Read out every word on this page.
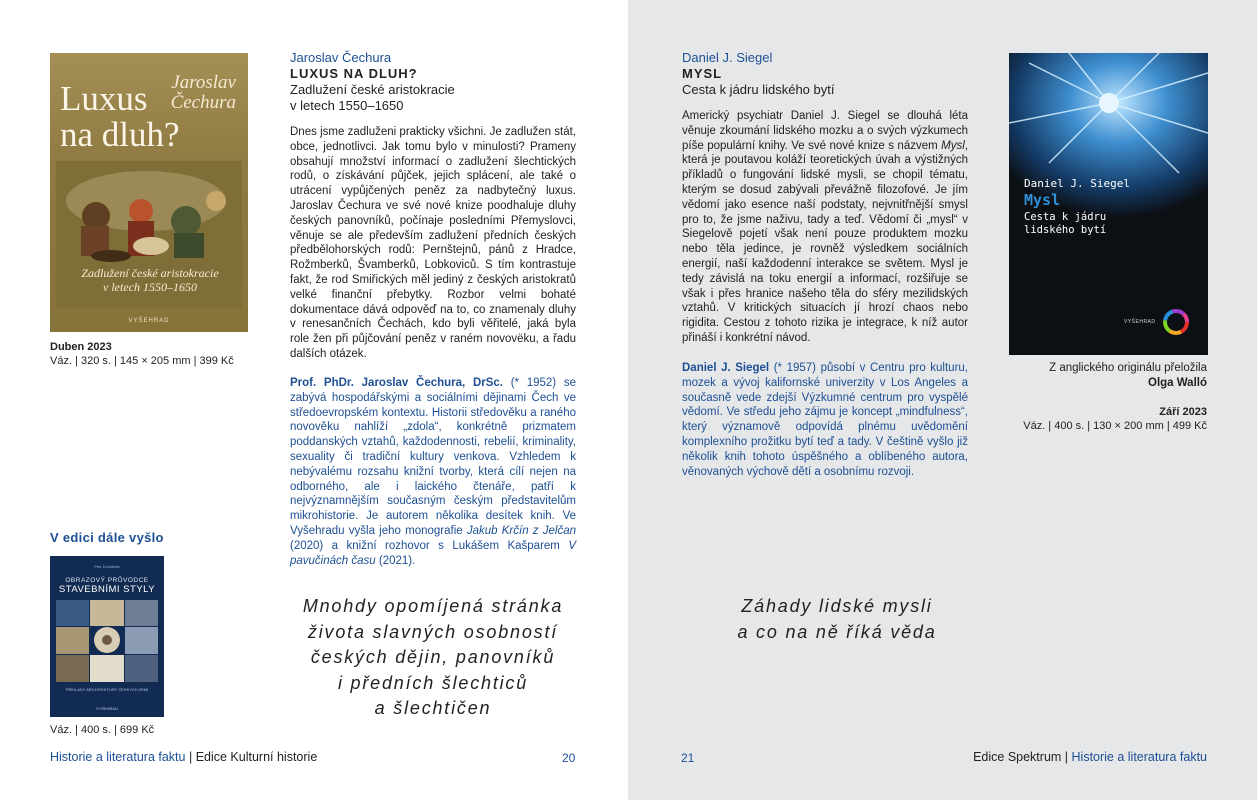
Luxus
na dluh?
Jaroslav
Čechura
Zadlužení české aristokracie
v letech 1550–1650
VYŠEHRAD
Duben 2023
Váz. | 320 s. | 145 × 205 mm | 399 Kč
Jaroslav Čechura
LUXUS NA DLUH?
Zadlužení české aristokracie
v letech 1550–1650

Dnes jsme zadluženi prakticky všichni. Je zadlužen stát, obce, jednotlivci. Jak tomu bylo v minulosti? Prameny obsahují množství informací o zadlužení šlechtických rodů, o získávání půjček, jejich splácení, ale také o utrácení vypůjčených peněz za nadbytečný luxus. Jaroslav Čechura ve své nové knize poodhaluje dluhy českých panovníků, počínaje posledními Přemyslovci, věnuje se ale především zadlužení předních českých předbělohorských rodů: Pernštejnů, pánů z Hradce, Rožmberků, Švamberků, Lobkoviců. S tím kontrastuje fakt, že rod Smiřických měl jediný z českých aristokratů velké finanční přebytky. Rozbor velmi bohaté dokumentace dává odpověď na to, co znamenaly dluhy v renesančních Čechách, kdo byli věřitelé, jaká byla role žen při půjčování peněz v raném novovëku, a řadu dalších otázek.

Prof. PhDr. Jaroslav Čechura, DrSc. (* 1952) se zabývá hospodářskými a sociálními dějinami Čech ve středoevropském kontextu. Historii středověku a raného novověku nahlíží „zdola“, konkrétně prizmatem poddanských vztahů, každodennosti, rebelií, kriminality, sexuality či tradiční kultury venkova. Vzhledem k nebývalému rozsahu knižní tvorby, která cílí nejen na odborného, ale i laického čtenáře, patří k nejvýznamnějším současným českým představitelům mikrohistorie. Je autorem několika desítek knih. Ve Vyšehradu vyšla jeho monografie Jakub Krčín z Jelčan (2020) a knižní rozhovor s Lukášem Kašparem V pavučinách času (2021).

V edici dále vyšlo
Petr Dvořáček
OBRAZOVÝ PRŮVODCE
STAVEBNÍMI STYLY
PŘÍKLADY ARCHITEKTURY ČESKÝCH ZEMÍ
VYŠEHRAD
Váz. | 400 s. | 699 Kč
Mnohdy opomíjená stránka
života slavných osobností
českých dějin, panovníků
i předních šlechticů
a šlechtičen
Historie a literatura faktu | Edice Kulturní historie	20
Daniel J. Siegel
MYSL
Cesta k jádru lidského bytí

Americký psychiatr Daniel J. Siegel se dlouhá léta věnuje zkoumání lidského mozku a o svých výzkumech píše populární knihy. Ve své nové knize s názvem Mysl, která je poutavou koláží teoretických úvah a výstižných příkladů o fungování lidské mysli, se chopil tématu, kterým se dosud zabývali převážně filozofové. Je jím vědomí jako esence naší podstaty, nejvnitřnější smysl pro to, že jsme naživu, tady a teď. Vědomí či „mysl“ v Siegelově pojetí však není pouze produktem mozku nebo těla jedince, je rovněž výsledkem sociálních energií, naší každodenní interakce se světem. Mysl je tedy závislá na toku energií a informací, rozšiřuje se však i přes hranice našeho těla do sféry mezilidských vztahů. V kritických situacích jí hrozí chaos nebo rigidita. Cestou z tohoto rizika je integrace, k níž autor přináší i konkrétní návod.

Daniel J. Siegel (* 1957) působí v Centru pro kulturu, mozek a vývoj kalifornské univerzity v Los Angeles a současně vede zdejší Výzkumné centrum pro vyspělé vědomí. Ve středu jeho zájmu je koncept „mindfulness“, který významově odpovídá plnému uvědomění komplexního prožitku bytí teď a tady. V češtině vyšlo již několik knih tohoto úspěšného a oblíbeného autora, věnovaných výchově dětí a osobnímu rozvoji.

Záhady lidské mysli
a co na ně říká věda
Daniel J. Siegel
Mysl
Cesta k jádru
lidského bytí
VYŠEHRAD
Z anglického originálu přeložila
Olga Walló
Září 2023
Váz. | 400 s. | 130 × 200 mm | 499 Kč
21	Edice Spektrum | Historie a literatura faktu
